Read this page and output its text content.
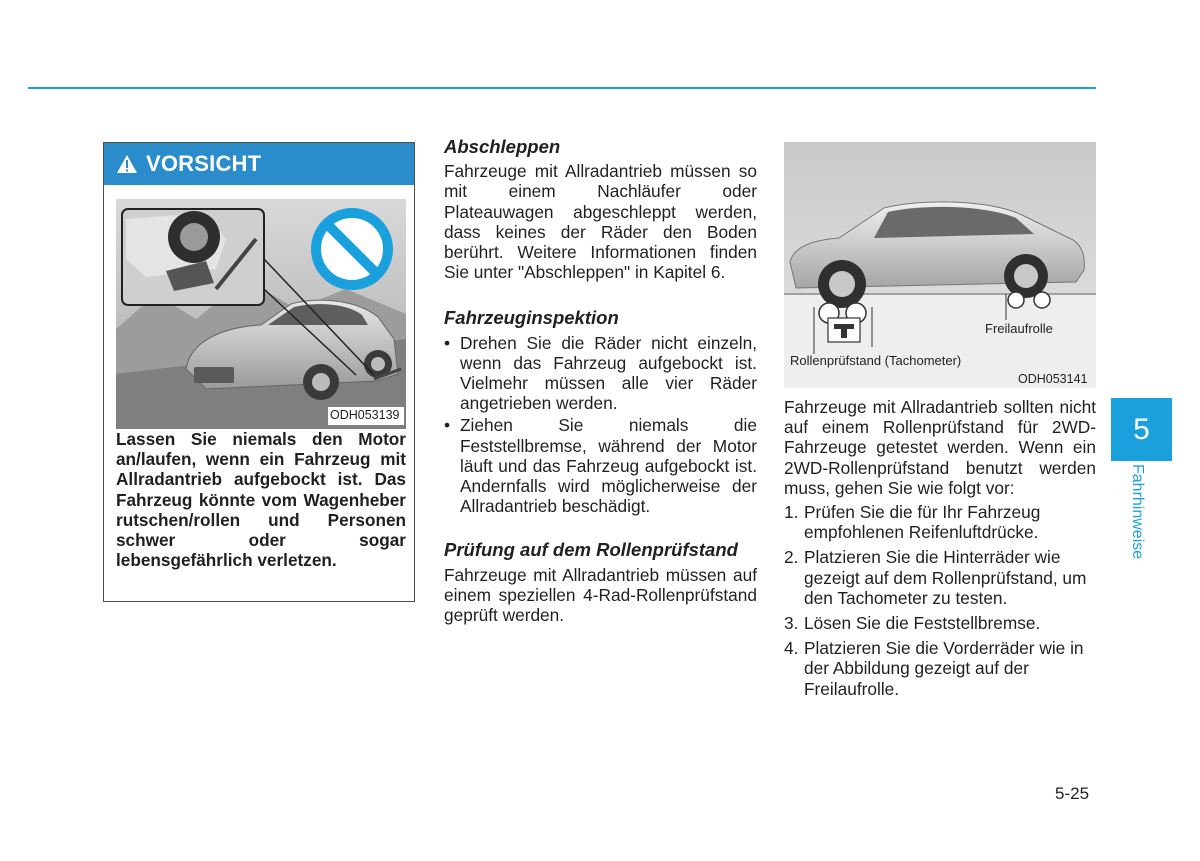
VORSICHT
ODH053139
Lassen Sie niemals den Motor an/laufen, wenn ein Fahrzeug mit Allradantrieb aufgebockt ist. Das Fahrzeug könnte vom Wagenheber rutschen/rollen und Personen schwer oder sogar lebensgefährlich verletzen.
Abschleppen

Fahrzeuge mit Allradantrieb müssen so mit einem Nachläufer oder Plateauwagen abgeschleppt werden, dass keines der Räder den Boden berührt. Weitere Informationen finden Sie unter "Abschleppen" in Kapitel 6.

Fahrzeuginspektion
• Drehen Sie die Räder nicht einzeln, wenn das Fahrzeug aufgebockt ist. Vielmehr müssen alle vier Räder angetrieben werden.
• Ziehen Sie niemals die Feststellbremse, während der Motor läuft und das Fahrzeug aufgebockt ist. Andernfalls wird möglicherweise der Allradantrieb beschädigt.
Prüfung auf dem Rollenprüfstand

Fahrzeuge mit Allradantrieb müssen auf einem speziellen 4-Rad-Rollenprüfstand geprüft werden.

Freilaufrolle
Rollenprüfstand (Tachometer)
ODH053141

Fahrzeuge mit Allradantrieb sollten nicht auf einem Rollenprüfstand für 2WD-Fahrzeuge getestet werden. Wenn ein 2WD-Rollenprüfstand benutzt werden muss, gehen Sie wie folgt vor:

1. Prüfen Sie die für Ihr Fahrzeug empfohlenen Reifenluftdrücke.
2. Platzieren Sie die Hinterräder wie gezeigt auf dem Rollenprüfstand, um den Tachometer zu testen.
3. Lösen Sie die Feststellbremse.
4. Platzieren Sie die Vorderräder wie in der Abbildung gezeigt auf der Freilaufrolle.
5
Fahrhinweise
5-25
